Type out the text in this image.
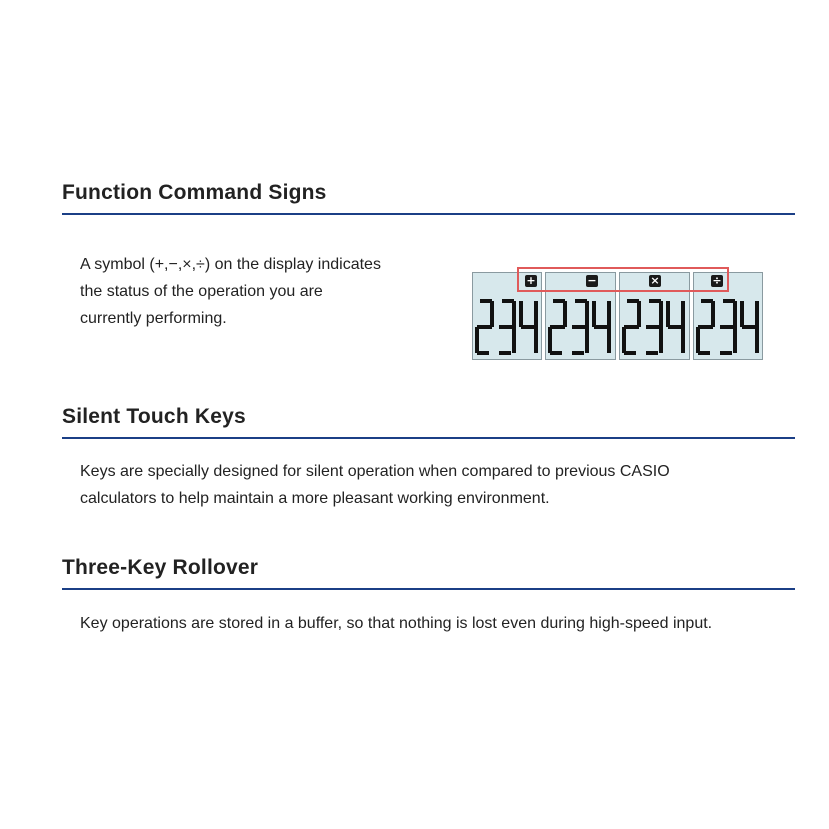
Function Command Signs

A symbol (+,−,×,÷) on the display indicates

the status of the operation you are

currently performing.

+	−	×	÷
Silent Touch Keys

Keys are specially designed for silent operation when compared to previous CASIO

calculators to help maintain a more pleasant working environment.

Three-Key Rollover

Key operations are stored in a buffer, so that nothing is lost even during high-speed input.
